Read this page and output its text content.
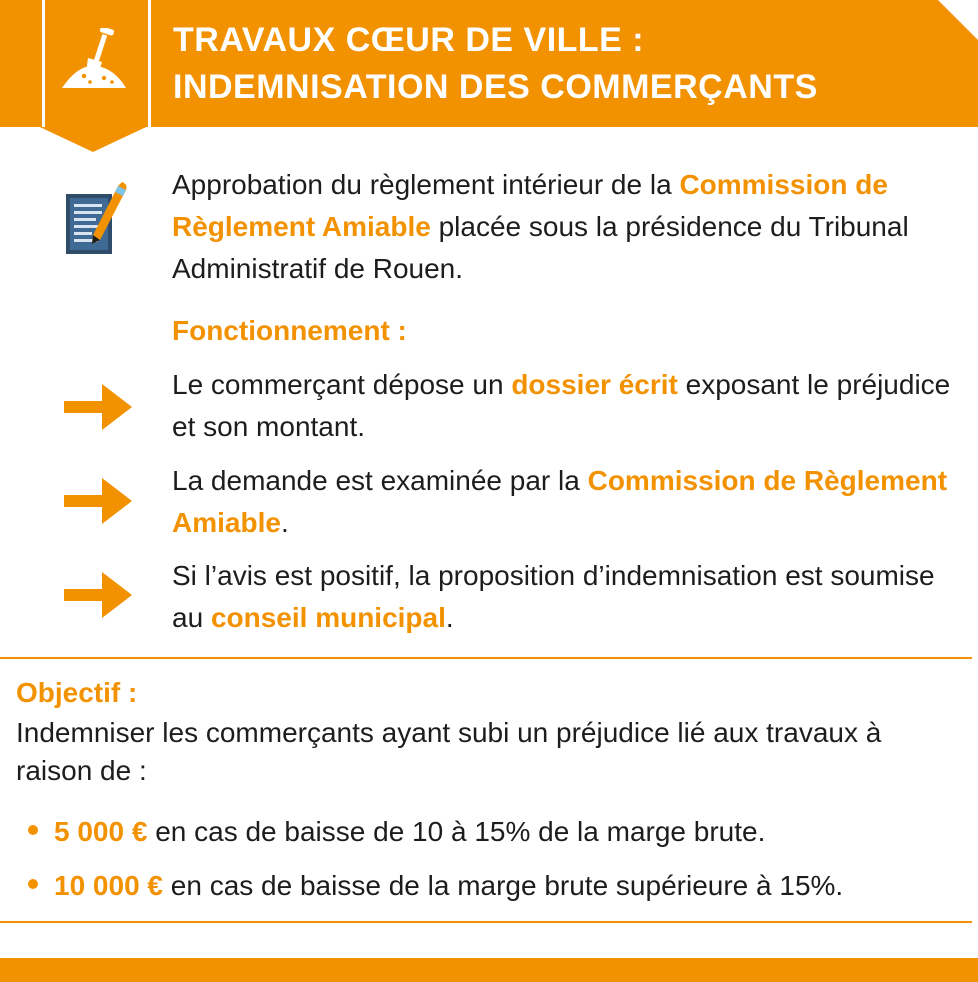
TRAVAUX CŒUR DE VILLE :
INDEMNISATION DES COMMERÇANTS
Approbation du règlement intérieur de la Commission de Règlement Amiable placée sous la présidence du Tribunal Administratif de Rouen.
Fonctionnement :
Le commerçant dépose un dossier écrit exposant le préjudice et son montant.
La demande est examinée par la Commission de Règlement Amiable.
Si l’avis est positif, la proposition d’indemnisation est soumise au conseil municipal.
Objectif :
Indemniser les commerçants ayant subi un préjudice lié aux travaux à raison de :
5 000 € en cas de baisse de 10 à 15% de la marge brute.
10 000 € en cas de baisse de la marge brute supérieure à 15%.
